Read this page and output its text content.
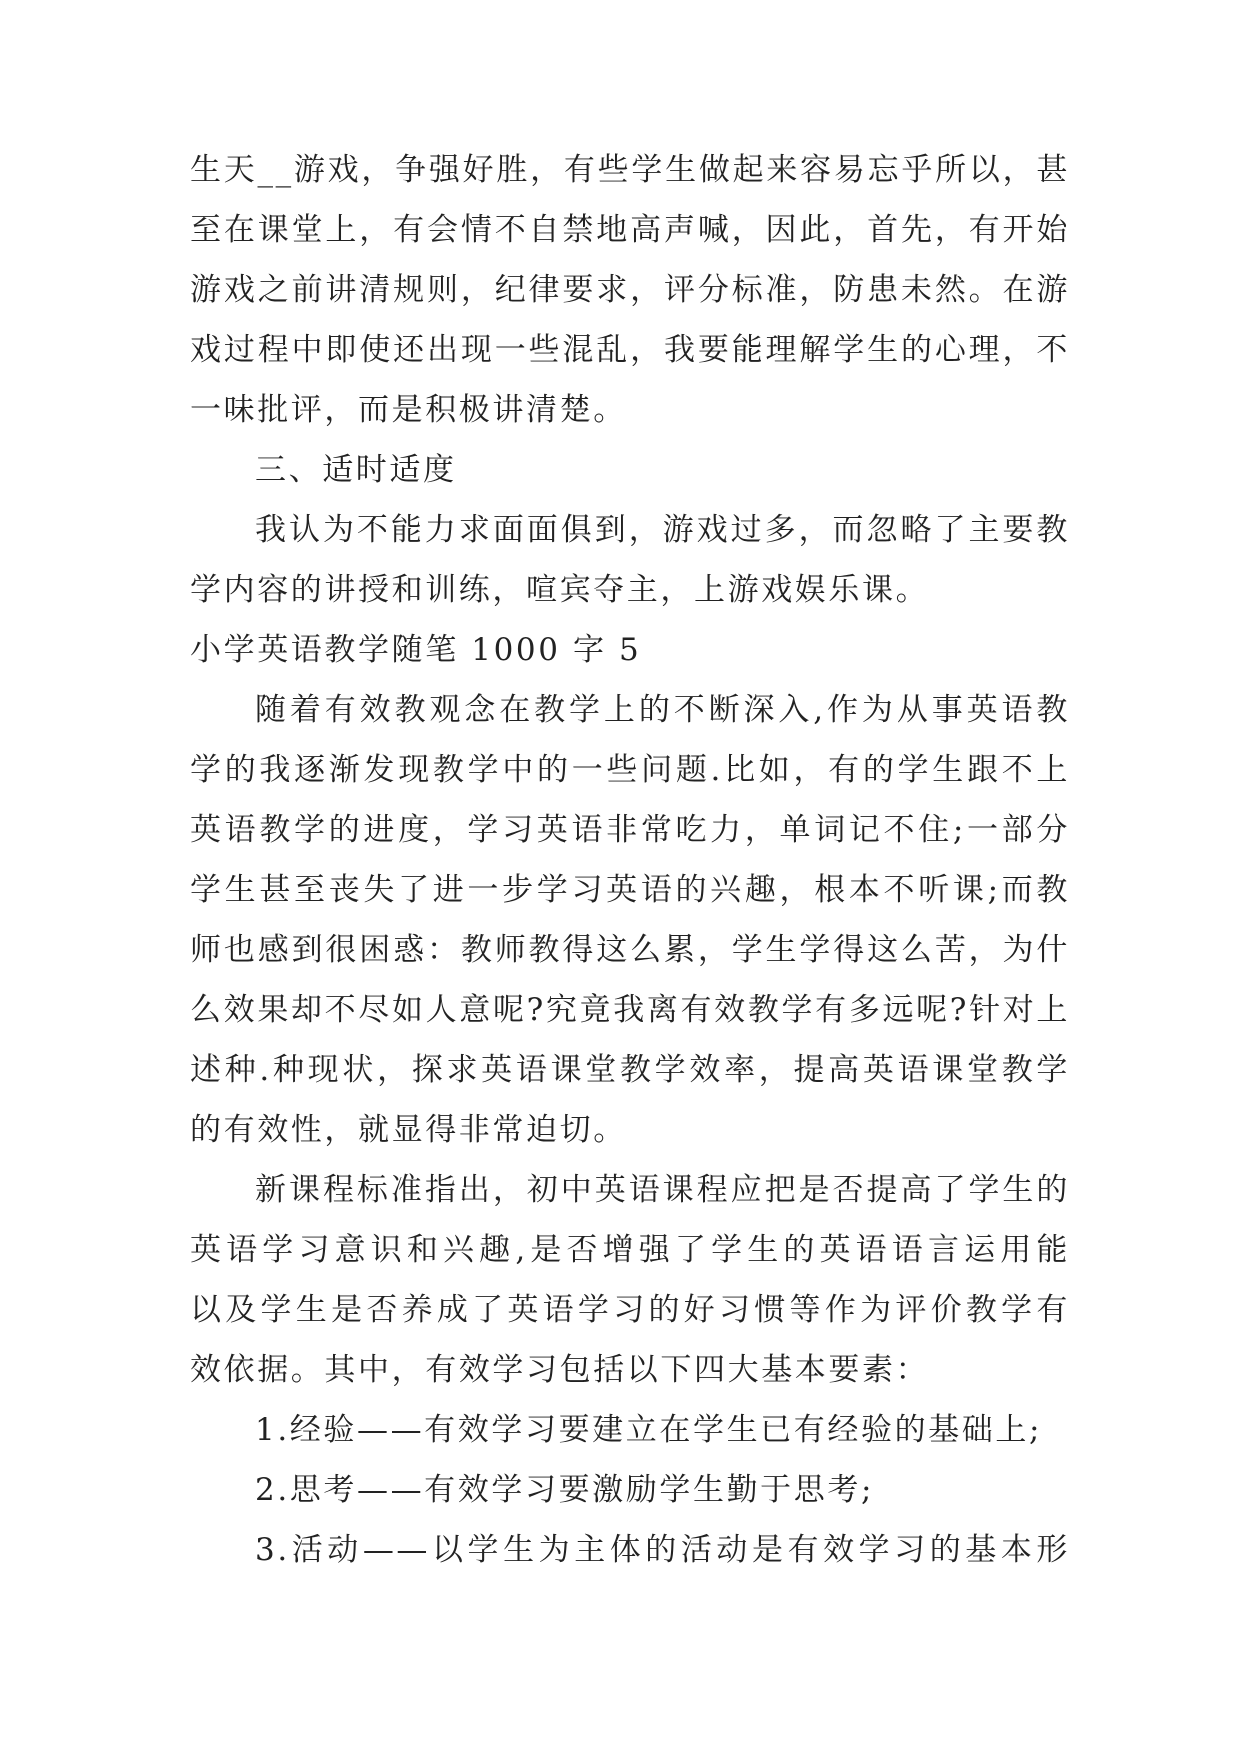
生天__游戏，争强好胜，有些学生做起来容易忘乎所以，甚
至在课堂上，有会情不自禁地高声喊，因此，首先，有开始
游戏之前讲清规则，纪律要求，评分标准，防患未然。在游
戏过程中即使还出现一些混乱，我要能理解学生的心理，不
一味批评，而是积极讲清楚。
三、适时适度
我认为不能力求面面俱到，游戏过多，而忽略了主要教
学内容的讲授和训练，喧宾夺主，上游戏娱乐课。
小学英语教学随笔 1000 字 5
随着有效教观念在教学上的不断深入,作为从事英语教
学的我逐渐发现教学中的一些问题.比如，有的学生跟不上
英语教学的进度，学习英语非常吃力，单词记不住;一部分
学生甚至丧失了进一步学习英语的兴趣，根本不听课;而教
师也感到很困惑：教师教得这么累，学生学得这么苦，为什
么效果却不尽如人意呢?究竟我离有效教学有多远呢?针对上
述种.种现状，探求英语课堂教学效率，提高英语课堂教学
的有效性，就显得非常迫切。
新课程标准指出，初中英语课程应把是否提高了学生的
英语学习意识和兴趣,是否增强了学生的英语语言运用能
以及学生是否养成了英语学习的好习惯等作为评价教学有
效依据。其中，有效学习包括以下四大基本要素：
1.经验——有效学习要建立在学生已有经验的基础上;
2.思考——有效学习要激励学生勤于思考;
3.活动——以学生为主体的活动是有效学习的基本形
